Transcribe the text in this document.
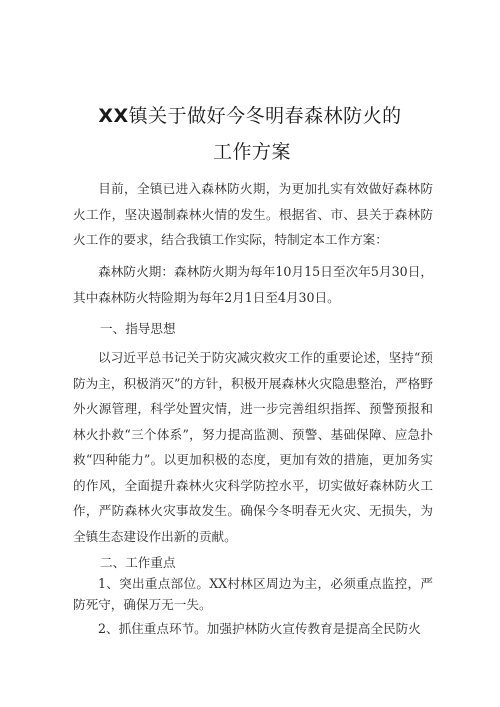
XX镇关于做好今冬明春森林防火的
工作方案

目前，全镇已进入森林防火期，为更加扎实有效做好森林防火工作，坚决遏制森林火情的发生。根据省、市、县关于森林防火工作的要求，结合我镇工作实际，特制定本工作方案：

森林防火期：森林防火期为每年10月15日至次年5月30日，其中森林防火特险期为每年2月1日至4月30日。

一、指导思想

以习近平总书记关于防灾减灾救灾工作的重要论述，坚持“预防为主，积极消灭”的方针，积极开展森林火灾隐患整治，严格野外火源管理，科学处置灾情，进一步完善组织指挥、预警预报和林火扑救“三个体系”，努力提高监测、预警、基础保障、应急扑救“四种能力”。以更加积极的态度，更加有效的措施，更加务实的作风，全面提升森林火灾科学防控水平，切实做好森林防火工作，严防森林火灾事故发生。确保今冬明春无火灾、无损失，为全镇生态建设作出新的贡献。

二、工作重点

1、突出重点部位。XX村林区周边为主，必须重点监控，严防死守，确保万无一失。

2、抓住重点环节。加强护林防火宣传教育是提高全民防火
